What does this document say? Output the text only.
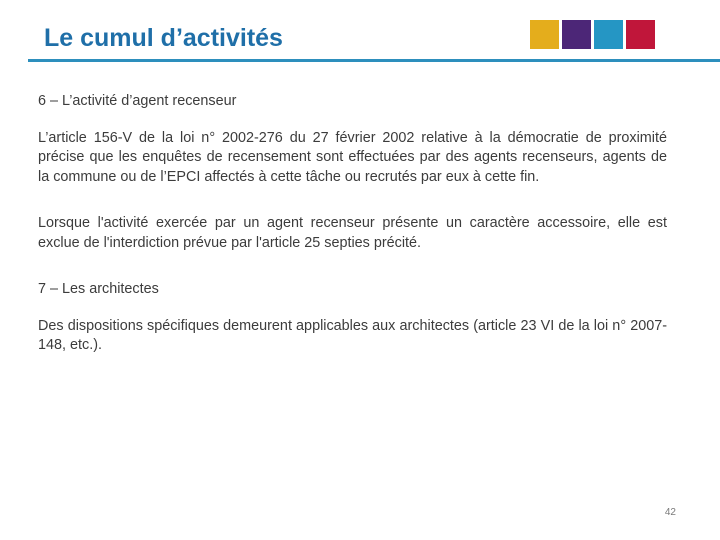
Le cumul d’activités

6 – L’activité d’agent recenseur

L’article 156-V de la loi n° 2002-276 du 27 février 2002 relative à la démocratie de proximité précise que les enquêtes de recensement sont effectuées par des agents recenseurs, agents de la commune ou de l’EPCI affectés à cette tâche ou recrutés par eux à cette fin.

Lorsque l'activité exercée par un agent recenseur présente un caractère accessoire, elle est exclue de l'interdiction prévue par l'article 25 septies précité.

7 – Les architectes

Des dispositions spécifiques demeurent applicables aux architectes (article 23 VI de la loi n° 2007-148, etc.).

42
